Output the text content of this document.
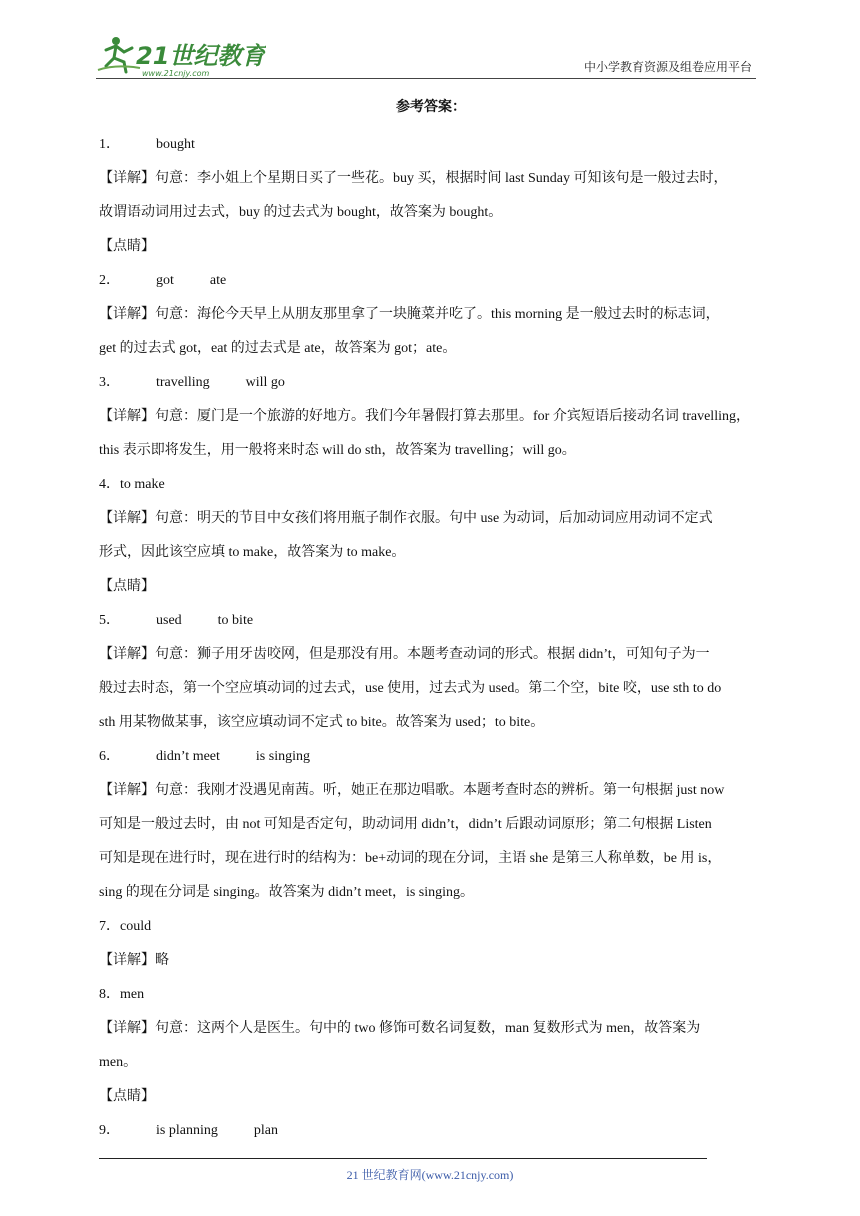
21世纪教育
www.21cnjy.com	中小学教育资源及组卷应用平台
参考答案：
1．	bought
【详解】句意：李小姐上个星期日买了一些花。buy 买，根据时间 last Sunday 可知该句是一般过去时，
故谓语动词用过去式，buy 的过去式为 bought，故答案为 bought。
【点睛】
2．	got	ate
【详解】句意：海伦今天早上从朋友那里拿了一块腌菜并吃了。this morning 是一般过去时的标志词，
get 的过去式 got，eat 的过去式是 ate，故答案为 got；ate。
3．	travelling	will go
【详解】句意：厦门是一个旅游的好地方。我们今年暑假打算去那里。for 介宾短语后接动名词 travelling，
this 表示即将发生，用一般将来时态 will do sth，故答案为 travelling；will go。
4．to make
【详解】句意：明天的节目中女孩们将用瓶子制作衣服。句中 use 为动词，后加动词应用动词不定式
形式，因此该空应填 to make，故答案为 to make。
【点睛】
5．	used	to bite
【详解】句意：狮子用牙齿咬网，但是那没有用。本题考查动词的形式。根据 didn’t，可知句子为一
般过去时态，第一个空应填动词的过去式，use 使用，过去式为 used。第二个空，bite 咬，use sth to do
sth 用某物做某事，该空应填动词不定式 to bite。故答案为 used；to bite。
6．	didn’t meet	is singing
【详解】句意：我刚才没遇见南茜。听，她正在那边唱歌。本题考查时态的辨析。第一句根据 just now
可知是一般过去时，由 not 可知是否定句，助动词用 didn’t，didn’t 后跟动词原形；第二句根据 Listen
可知是现在进行时，现在进行时的结构为：be+动词的现在分词，主语 she 是第三人称单数，be 用 is，
sing 的现在分词是 singing。故答案为 didn’t meet，is singing。
7．could
【详解】略
8．men
【详解】句意：这两个人是医生。句中的 two 修饰可数名词复数，man 复数形式为 men，故答案为
men。
【点睛】
9．	is planning	plan
21 世纪教育网(www.21cnjy.com)
